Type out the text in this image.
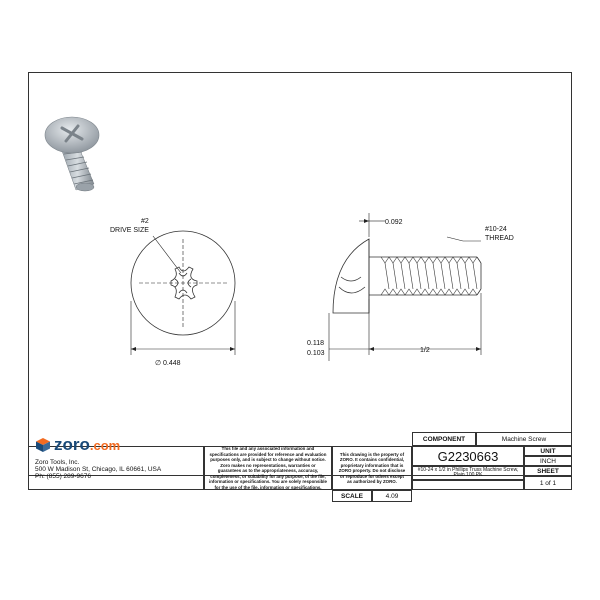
#2
DRIVE SIZE
∅ 0.448
0.092
#10-24
THREAD
0.118
0.103	1/2
zoro .com
Zoro Tools, Inc.
500 W Madison St, Chicago, IL 60661, USA
Ph: (855) 289-9676
This file and any associated information and specifications are provided for reference and evaluation purposes only, and is subject to change without notice. Zoro makes no representations, warranties or guarantees as to the appropriateness, accuracy, completeness, or suitability for any purpose, of the file, information or specifications. You are solely responsible for the use of the file, information or specifications.
This drawing is the property of ZORO. It contains confidential, proprietary information that is ZORO property. Do not disclose or reproduce for others except as authorized by ZORO.
COMPONENT	Machine Screw
G2230663	UNIT
INCH
#10-24 x 1/2 in Phillips Truss Machine Screw, Plain 100 PK
SHEET
1 of 1
SCALE	4.09
